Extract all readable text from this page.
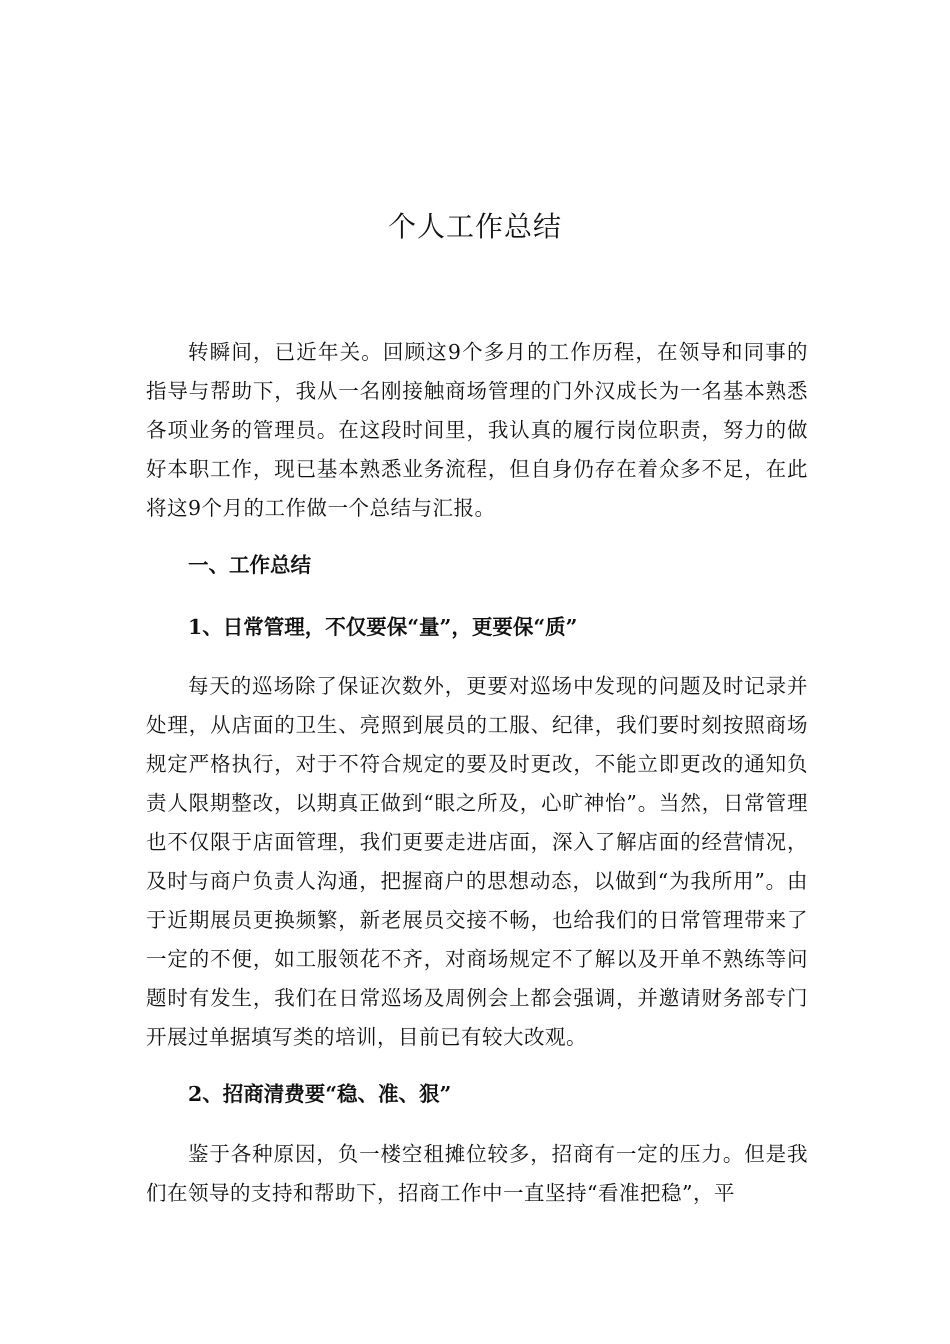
个人工作总结

转瞬间，已近年关。回顾这9个多月的工作历程，在领导和同事的指导与帮助下，我从一名刚接触商场管理的门外汉成长为一名基本熟悉各项业务的管理员。在这段时间里，我认真的履行岗位职责，努力的做好本职工作，现已基本熟悉业务流程，但自身仍存在着众多不足，在此将这9个月的工作做一个总结与汇报。

一、工作总结

1、日常管理，不仅要保“量”，更要保“质”

每天的巡场除了保证次数外，更要对巡场中发现的问题及时记录并处理，从店面的卫生、亮照到展员的工服、纪律，我们要时刻按照商场规定严格执行，对于不符合规定的要及时更改，不能立即更改的通知负责人限期整改，以期真正做到“眼之所及，心旷神怡”。当然，日常管理也不仅限于店面管理，我们更要走进店面，深入了解店面的经营情况，及时与商户负责人沟通，把握商户的思想动态，以做到“为我所用”。由于近期展员更换频繁，新老展员交接不畅，也给我们的日常管理带来了一定的不便，如工服领花不齐，对商场规定不了解以及开单不熟练等问题时有发生，我们在日常巡场及周例会上都会强调，并邀请财务部专门开展过单据填写类的培训，目前已有较大改观。

2、招商清费要“稳、准、狠”

鉴于各种原因，负一楼空租摊位较多，招商有一定的压力。但是我们在领导的支持和帮助下，招商工作中一直坚持“看准把稳”，平
